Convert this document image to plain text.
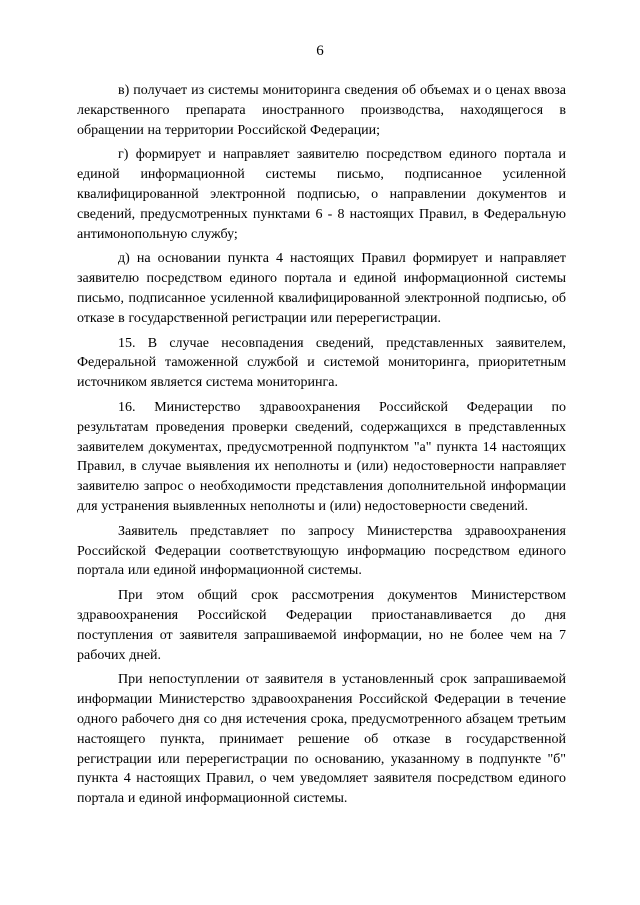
6

в) получает из системы мониторинга сведения об объемах и о ценах ввоза лекарственного препарата иностранного производства, находящегося в обращении на территории Российской Федерации;

г) формирует и направляет заявителю посредством единого портала и единой информационной системы письмо, подписанное усиленной квалифицированной электронной подписью, о направлении документов и сведений, предусмотренных пунктами 6 - 8 настоящих Правил, в Федеральную антимонопольную службу;

д) на основании пункта 4 настоящих Правил формирует и направляет заявителю посредством единого портала и единой информационной системы письмо, подписанное усиленной квалифицированной электронной подписью, об отказе в государственной регистрации или перерегистрации.

15. В случае несовпадения сведений, представленных заявителем, Федеральной таможенной службой и системой мониторинга, приоритетным источником является система мониторинга.

16. Министерство здравоохранения Российской Федерации по результатам проведения проверки сведений, содержащихся в представленных заявителем документах, предусмотренной подпунктом "а" пункта 14 настоящих Правил, в случае выявления их неполноты и (или) недостоверности направляет заявителю запрос о необходимости представления дополнительной информации для устранения выявленных неполноты и (или) недостоверности сведений.

Заявитель представляет по запросу Министерства здравоохранения Российской Федерации соответствующую информацию посредством единого портала или единой информационной системы.

При этом общий срок рассмотрения документов Министерством здравоохранения Российской Федерации приостанавливается до дня поступления от заявителя запрашиваемой информации, но не более чем на 7 рабочих дней.

При непоступлении от заявителя в установленный срок запрашиваемой информации Министерство здравоохранения Российской Федерации в течение одного рабочего дня со дня истечения срока, предусмотренного абзацем третьим настоящего пункта, принимает решение об отказе в государственной регистрации или перерегистрации по основанию, указанному в подпункте "б" пункта 4 настоящих Правил, о чем уведомляет заявителя посредством единого портала и единой информационной системы.
